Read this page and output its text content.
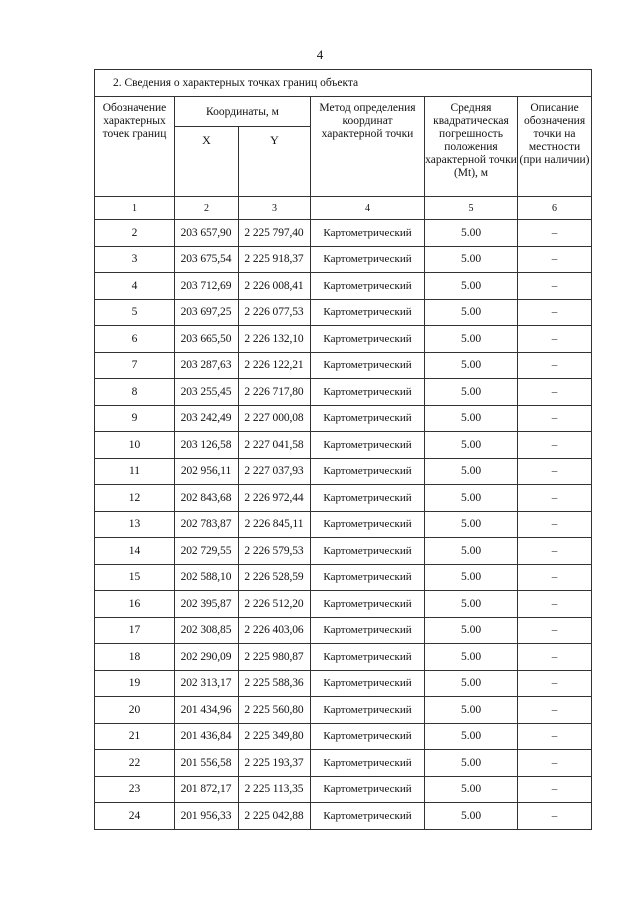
4
2. Сведения о характерных точках границ объекта					
Обозначение характерных точек границ	Координаты, м		Метод определения координат характерной точки	Средняя квадратическая погрешность положения характерной точки (Mt), м	Описание обозначения точки на местности (при наличии)
	X	Y			
1	2	3	4	5	6
2	203 657,90	2 225 797,40	Картометрический	5.00	–
3	203 675,54	2 225 918,37	Картометрический	5.00	–
4	203 712,69	2 226 008,41	Картометрический	5.00	–
5	203 697,25	2 226 077,53	Картометрический	5.00	–
6	203 665,50	2 226 132,10	Картометрический	5.00	–
7	203 287,63	2 226 122,21	Картометрический	5.00	–
8	203 255,45	2 226 717,80	Картометрический	5.00	–
9	203 242,49	2 227 000,08	Картометрический	5.00	–
10	203 126,58	2 227 041,58	Картометрический	5.00	–
11	202 956,11	2 227 037,93	Картометрический	5.00	–
12	202 843,68	2 226 972,44	Картометрический	5.00	–
13	202 783,87	2 226 845,11	Картометрический	5.00	–
14	202 729,55	2 226 579,53	Картометрический	5.00	–
15	202 588,10	2 226 528,59	Картометрический	5.00	–
16	202 395,87	2 226 512,20	Картометрический	5.00	–
17	202 308,85	2 226 403,06	Картометрический	5.00	–
18	202 290,09	2 225 980,87	Картометрический	5.00	–
19	202 313,17	2 225 588,36	Картометрический	5.00	–
20	201 434,96	2 225 560,80	Картометрический	5.00	–
21	201 436,84	2 225 349,80	Картометрический	5.00	–
22	201 556,58	2 225 193,37	Картометрический	5.00	–
23	201 872,17	2 225 113,35	Картометрический	5.00	–
24	201 956,33	2 225 042,88	Картометрический	5.00	–
